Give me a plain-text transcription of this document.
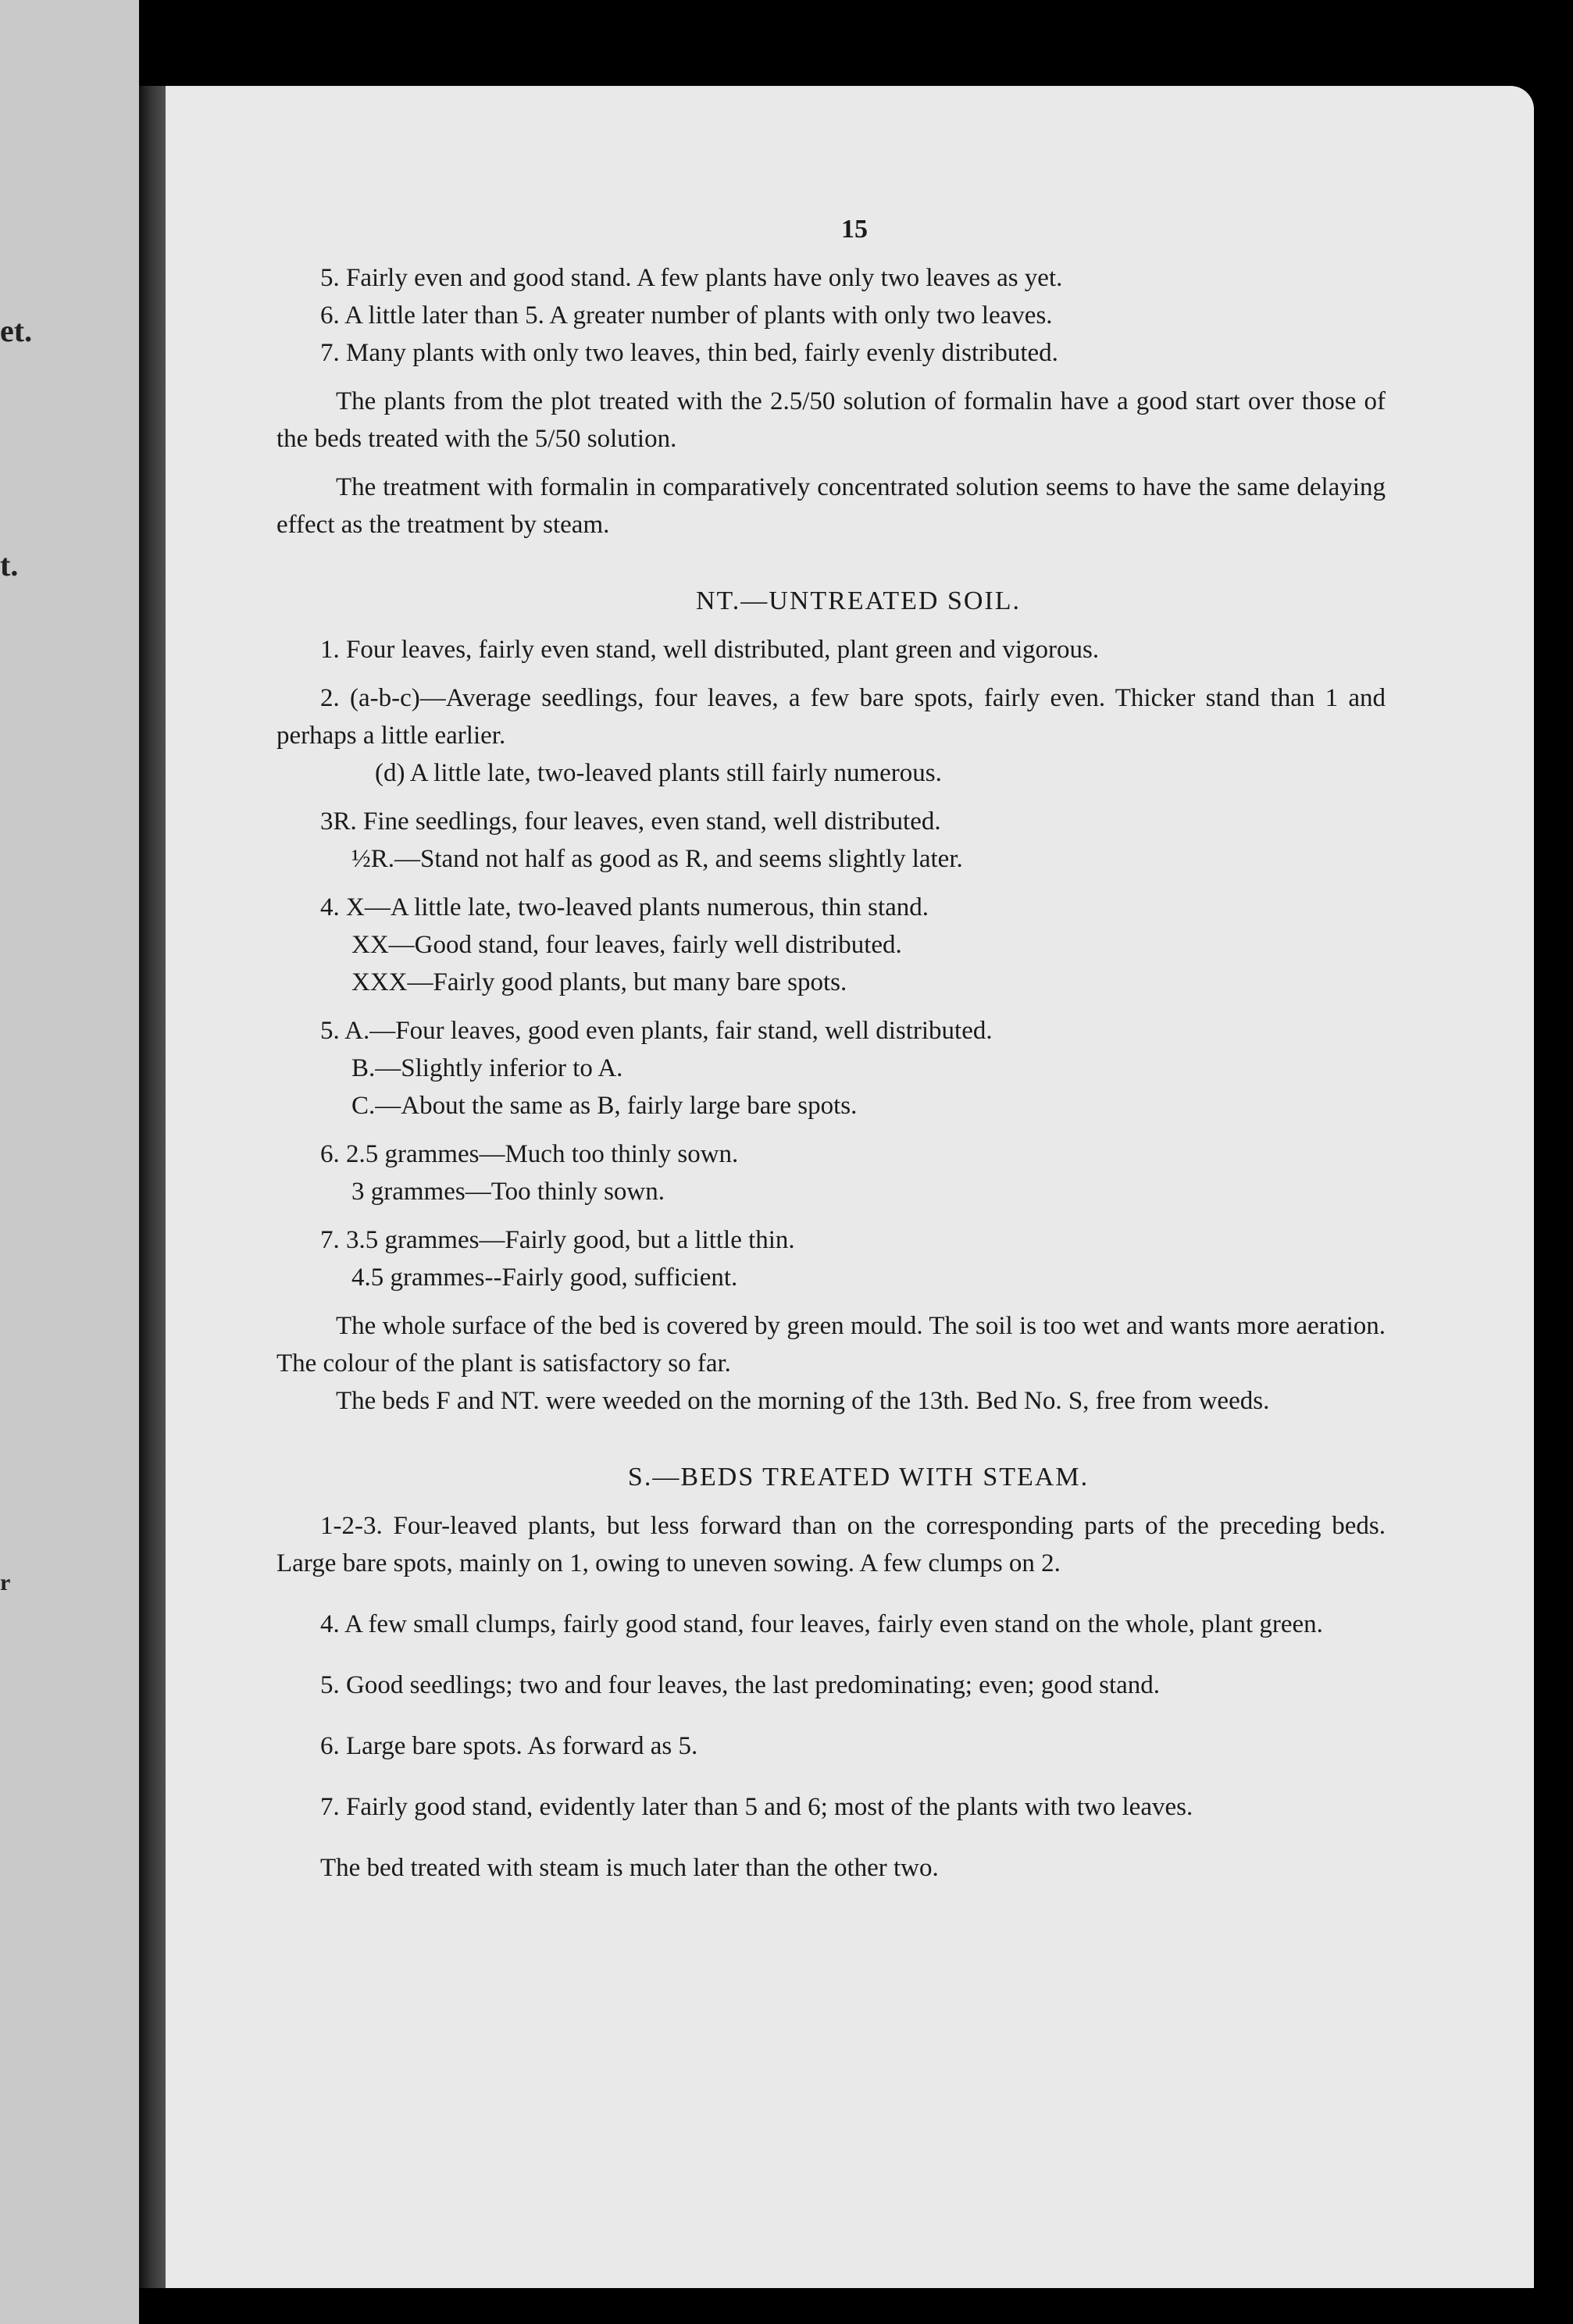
et.
t.
r
15
5. Fairly even and good stand. A few plants have only two leaves as yet.
6. A little later than 5. A greater number of plants with only two leaves.
7. Many plants with only two leaves, thin bed, fairly evenly distributed.

The plants from the plot treated with the 2.5/50 solution of formalin have a good start over those of the beds treated with the 5/50 solution.

The treatment with formalin in comparatively concentrated solution seems to have the same delaying effect as the treatment by steam.

NT.—UNTREATED SOIL.

1. Four leaves, fairly even stand, well distributed, plant green and vigorous.

2. (a-b-c)—Average seedlings, four leaves, a few bare spots, fairly even. Thicker stand than 1 and perhaps a little earlier.

(d) A little late, two-leaved plants still fairly numerous.
3R. Fine seedlings, four leaves, even stand, well distributed.
½R.—Stand not half as good as R, and seems slightly later.
4. X—A little late, two-leaved plants numerous, thin stand.
XX—Good stand, four leaves, fairly well distributed.
XXX—Fairly good plants, but many bare spots.
5. A.—Four leaves, good even plants, fair stand, well distributed.
B.—Slightly inferior to A.
C.—About the same as B, fairly large bare spots.
6. 2.5 grammes—Much too thinly sown.
3 grammes—Too thinly sown.
7. 3.5 grammes—Fairly good, but a little thin.
4.5 grammes--Fairly good, sufficient.

The whole surface of the bed is covered by green mould. The soil is too wet and wants more aeration. The colour of the plant is satisfactory so far.

The beds F and NT. were weeded on the morning of the 13th. Bed No. S, free from weeds.

S.—BEDS TREATED WITH STEAM.

1-2-3. Four-leaved plants, but less forward than on the corresponding parts of the preceding beds. Large bare spots, mainly on 1, owing to uneven sowing. A few clumps on 2.

4. A few small clumps, fairly good stand, four leaves, fairly even stand on the whole, plant green.

5. Good seedlings; two and four leaves, the last predominating; even; good stand.

6. Large bare spots. As forward as 5.

7. Fairly good stand, evidently later than 5 and 6; most of the plants with two leaves.

The bed treated with steam is much later than the other two.
